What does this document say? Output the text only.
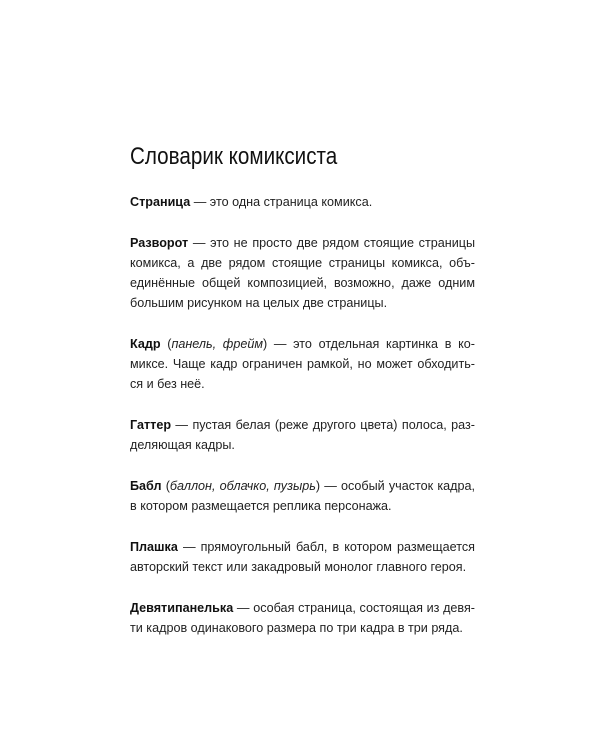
Словарик комиксиста

Страница — это одна страница комикса.

Разворот — это не просто две рядом стоящие страницы комикса, а две рядом стоящие страницы комикса, объединённые общей композицией, возможно, даже одним большим рисунком на целых две страницы.

Кадр (панель, фрейм) — это отдельная картинка в комиксе. Чаще кадр ограничен рамкой, но может обходиться и без неё.

Гаттер — пустая белая (реже другого цвета) полоса, разделяющая кадры.

Бабл (баллон, облачко, пузырь) — особый участок кадра, в котором размещается реплика персонажа.

Плашка — прямоугольный бабл, в котором размещается авторский текст или закадровый монолог главного героя.

Девятипанелька — особая страница, состоящая из девяти кадров одинакового размера по три кадра в три ряда.
